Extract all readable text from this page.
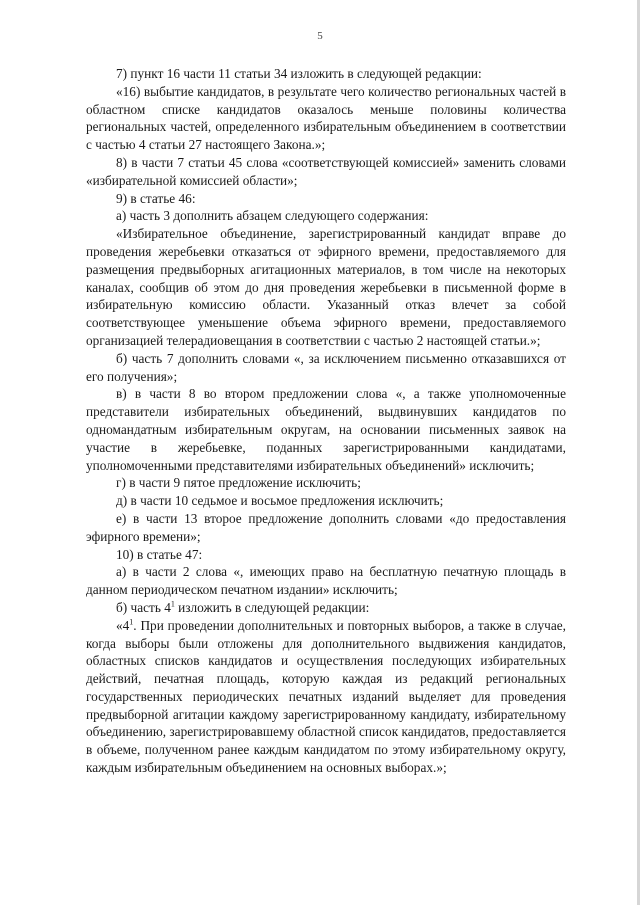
5

7) пункт 16 части 11 статьи 34 изложить в следующей редакции:

«16) выбытие кандидатов, в результате чего количество региональных частей в областном списке кандидатов оказалось меньше половины количества региональных частей, определенного избирательным объединением в соответствии с частью 4 статьи 27 настоящего Закона.»;

8) в части 7 статьи 45 слова «соответствующей комиссией» заменить словами «избирательной комиссией области»;

9) в статье 46:

а) часть 3 дополнить абзацем следующего содержания:

«Избирательное объединение, зарегистрированный кандидат вправе до проведения жеребьевки отказаться от эфирного времени, предоставляемого для размещения предвыборных агитационных материалов, в том числе на некоторых каналах, сообщив об этом до дня проведения жеребьевки в письменной форме в избирательную комиссию области. Указанный отказ влечет за собой соответствующее уменьшение объема эфирного времени, предоставляемого организацией телерадиовещания в соответствии с частью 2 настоящей статьи.»;

б) часть 7 дополнить словами «, за исключением письменно отказавшихся от его получения»;

в) в части 8 во втором предложении слова «, а также уполномоченные представители избирательных объединений, выдвинувших кандидатов по одномандатным избирательным округам, на основании письменных заявок на участие в жеребьевке, поданных зарегистрированными кандидатами, уполномоченными представителями избирательных объединений» исключить;

г) в части 9 пятое предложение исключить;

д) в части 10 седьмое и восьмое предложения исключить;

е) в части 13 второе предложение дополнить словами «до предоставления эфирного времени»;

10) в статье 47:

а) в части 2 слова «, имеющих право на бесплатную печатную площадь в данном периодическом печатном издании» исключить;

б) часть $4^1$ изложить в следующей редакции:

«$4^1$. При проведении дополнительных и повторных выборов, а также в случае, когда выборы были отложены для дополнительного выдвижения кандидатов, областных списков кандидатов и осуществления последующих избирательных действий, печатная площадь, которую каждая из редакций региональных государственных периодических печатных изданий выделяет для проведения предвыборной агитации каждому зарегистрированному кандидату, избирательному объединению, зарегистрировавшему областной список кандидатов, предоставляется в объеме, полученном ранее каждым кандидатом по этому избирательному округу, каждым избирательным объединением на основных выборах.»;
